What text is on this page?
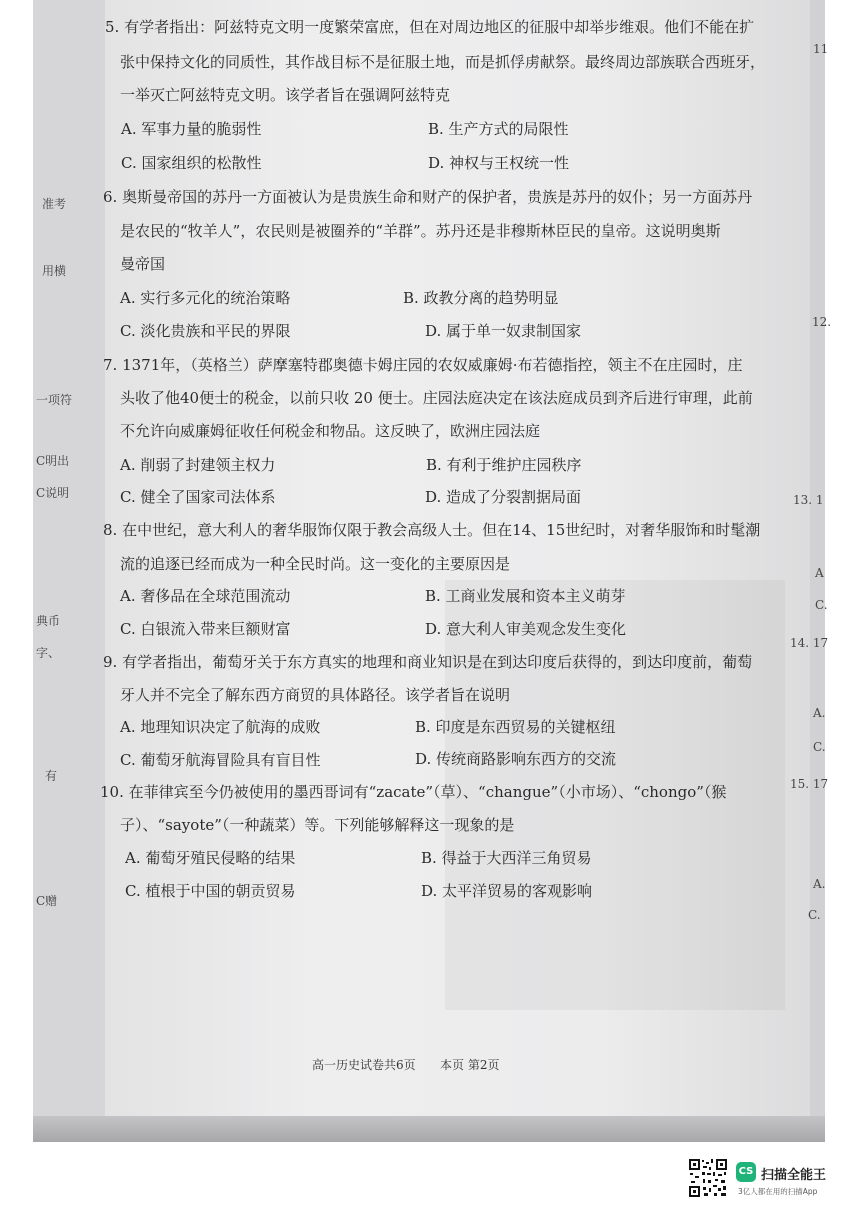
准考
用横
一项符
C明出
C说明
典币
字、
有
C赠
11
12.
13. 1
A
C.
14. 17
A.
C.
15. 17
A.
C.
5. 有学者指出：阿兹特克文明一度繁荣富庶，但在对周边地区的征服中却举步维艰。他们不能在扩
张中保持文化的同质性，其作战目标不是征服土地，而是抓俘虏献祭。最终周边部族联合西班牙，
一举灭亡阿兹特克文明。该学者旨在强调阿兹特克
A. 军事力量的脆弱性	B. 生产方式的局限性
C. 国家组织的松散性	D. 神权与王权统一性
6. 奥斯曼帝国的苏丹一方面被认为是贵族生命和财产的保护者，贵族是苏丹的奴仆；另一方面苏丹
是农民的“牧羊人”，农民则是被圈养的“羊群”。苏丹还是非穆斯林臣民的皇帝。这说明奥斯
曼帝国
A. 实行多元化的统治策略	B. 政教分离的趋势明显
C. 淡化贵族和平民的界限	D. 属于单一奴隶制国家
7. 1371年，（英格兰）萨摩塞特郡奥德卡姆庄园的农奴威廉姆·布若德指控，领主不在庄园时，庄
头收了他40便士的税金，以前只收 20 便士。庄园法庭决定在该法庭成员到齐后进行审理，此前
不允许向威廉姆征收任何税金和物品。这反映了，欧洲庄园法庭
A. 削弱了封建领主权力	B. 有利于维护庄园秩序
C. 健全了国家司法体系	D. 造成了分裂割据局面
8. 在中世纪，意大利人的奢华服饰仅限于教会高级人士。但在14、15世纪时，对奢华服饰和时髦潮
流的追逐已经而成为一种全民时尚。这一变化的主要原因是
A. 奢侈品在全球范围流动	B. 工商业发展和资本主义萌芽
C. 白银流入带来巨额财富	D. 意大利人审美观念发生变化
9. 有学者指出，葡萄牙关于东方真实的地理和商业知识是在到达印度后获得的，到达印度前，葡萄
牙人并不完全了解东西方商贸的具体路径。该学者旨在说明
A. 地理知识决定了航海的成败	B. 印度是东西贸易的关键枢纽
C. 葡萄牙航海冒险具有盲目性	D. 传统商路影响东西方的交流
10. 在菲律宾至今仍被使用的墨西哥词有“zacate”（草）、“changue”（小市场）、“chongo”（猴
子）、“sayote”（一种蔬菜）等。下列能够解释这一现象的是
A. 葡萄牙殖民侵略的结果	B. 得益于大西洋三角贸易
C. 植根于中国的朝贡贸易	D. 太平洋贸易的客观影响
高一历史试卷共6页 本页 第2页
CS 扫描全能王
3亿人都在用的扫描App
